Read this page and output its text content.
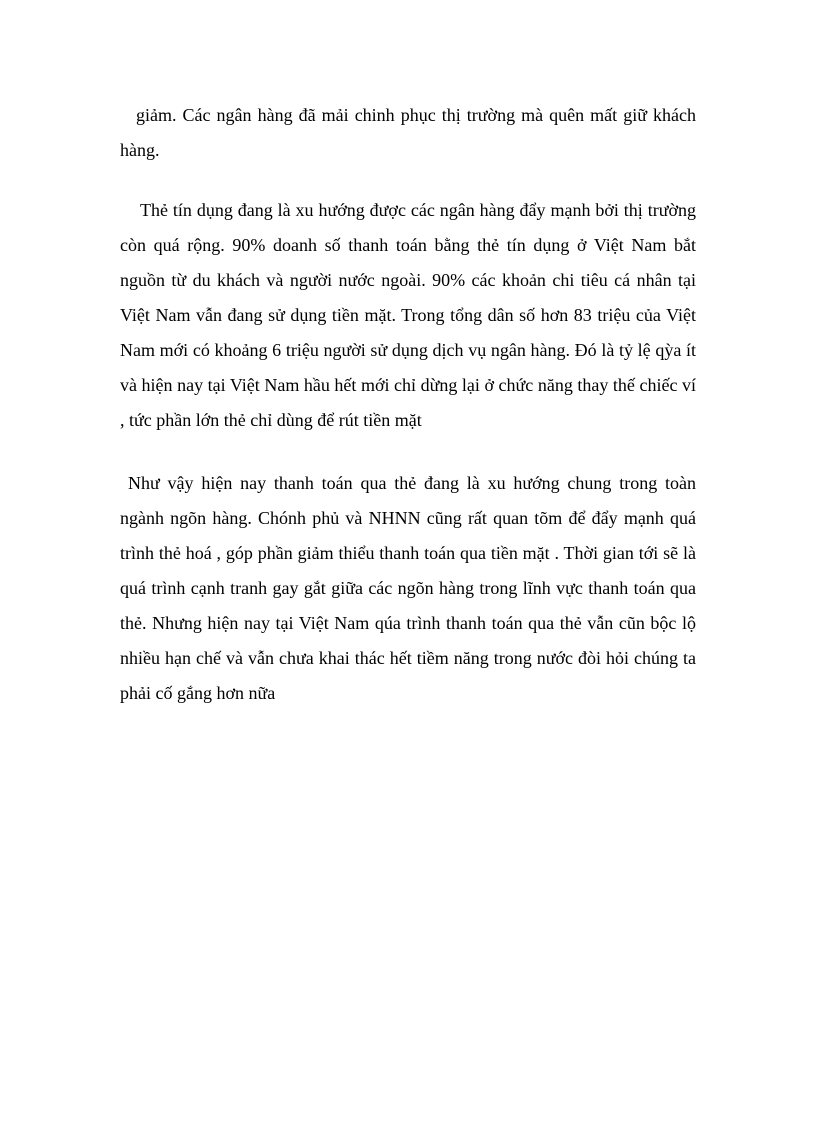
giảm. Các ngân hàng đã mải chinh phục thị trường mà quên mất giữ khách hàng.

Thẻ tín dụng đang là xu hướng được các ngân hàng đẩy mạnh bởi thị trường còn quá rộng. 90% doanh số thanh toán bằng thẻ tín dụng ở Việt Nam bắt nguồn từ du khách và người nước ngoài. 90% các khoản chi tiêu cá nhân tại Việt Nam vẫn đang sử dụng tiền mặt. Trong tổng dân số hơn 83 triệu của Việt Nam mới có khoảng 6 triệu người sử dụng dịch vụ ngân hàng. Đó là tỷ lệ qỳa ít và hiện nay tại Việt Nam hầu hết mới chỉ dừng lại ở chức năng thay thế chiếc ví , tức phần lớn thẻ chỉ dùng để rút tiền mặt

Như vậy hiện nay thanh toán qua thẻ đang là xu hướng chung trong toàn ngành ngõn hàng. Chónh phủ và NHNN cũng rất quan tõm để đẩy mạnh quá trình thẻ hoá , góp phần giảm thiểu thanh toán qua tiền mặt . Thời gian tới sẽ là quá trình cạnh tranh gay gắt giữa các ngõn hàng trong lĩnh vực thanh toán qua thẻ. Nhưng hiện nay tại Việt Nam qúa trình thanh toán qua thẻ vẫn cũn bộc lộ nhiều hạn chế và vẫn chưa khai thác hết tiềm năng trong nước đòi hỏi chúng ta phải cố gắng hơn nữa
